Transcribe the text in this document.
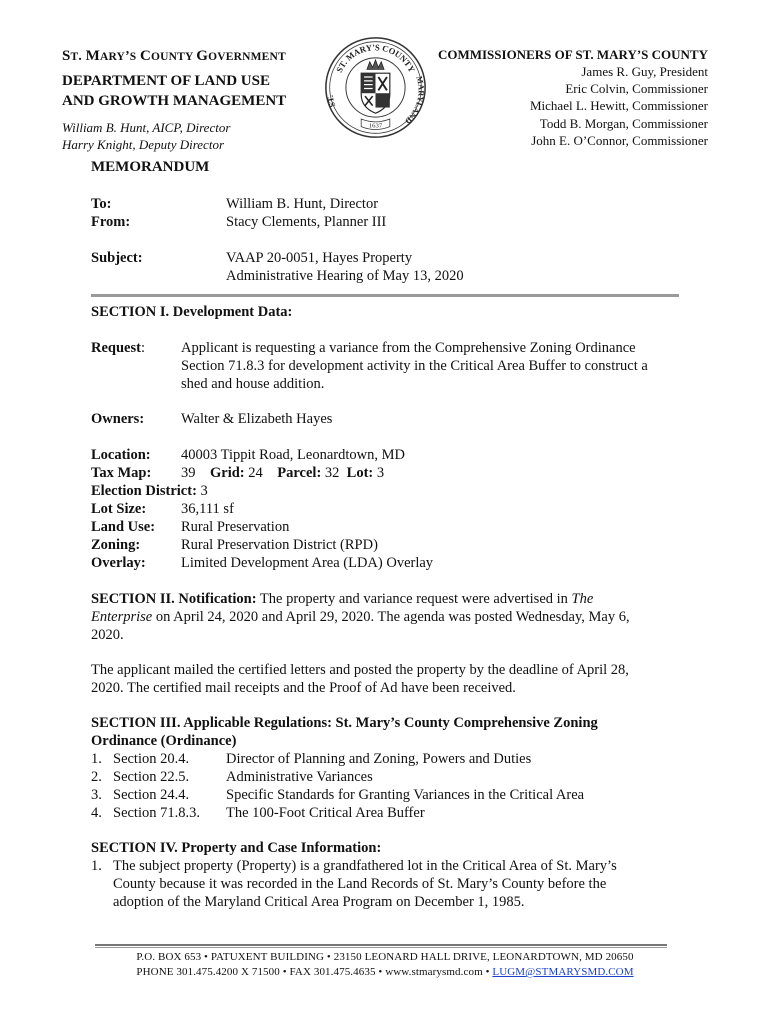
ST. MARY’S COUNTY GOVERNMENT
DEPARTMENT OF LAND USE
AND GROWTH MANAGEMENT
William B. Hunt, AICP, Director
Harry Knight, Deputy Director
ST. MARY'S COUNTY
ST.
MARYLAND
1637
COMMISSIONERS OF ST. MARY’S COUNTY
James R. Guy, President
Eric Colvin, Commissioner
Michael L. Hewitt, Commissioner
Todd B. Morgan, Commissioner
John E. O’Connor, Commissioner
MEMORANDUM
To:	William B. Hunt, Director
From:	Stacy Clements, Planner III
Subject:	VAAP 20-0051, Hayes Property
Administrative Hearing of May 13, 2020
SECTION I. Development Data:
Request: Applicant is requesting a variance from the Comprehensive Zoning Ordinance
Section 71.8.3 for development activity in the Critical Area Buffer to construct a
shed and house addition.
Owners:	Walter & Elizabeth Hayes
Location: 40003 Tippit Road, Leonardtown, MD
Tax Map: 39 Grid: 24 Parcel: 32 Lot: 3
Election District: 3
Lot Size: 36,111 sf
Land Use: Rural Preservation
Zoning:	Rural Preservation District (RPD)
Overlay: Limited Development Area (LDA) Overlay
SECTION II. Notification: The property and variance request were advertised in The
Enterprise on April 24, 2020 and April 29, 2020. The agenda was posted Wednesday, May 6,
2020.
The applicant mailed the certified letters and posted the property by the deadline of April 28,
2020. The certified mail receipts and the Proof of Ad have been received.
SECTION III. Applicable Regulations: St. Mary’s County Comprehensive Zoning
Ordinance (Ordinance)
1. Section 20.4.	Director of Planning and Zoning, Powers and Duties
2. Section 22.5.	Administrative Variances
3. Section 24.4.	Specific Standards for Granting Variances in the Critical Area
4. Section 71.8.3. The 100-Foot Critical Area Buffer
SECTION IV. Property and Case Information:
1. The subject property (Property) is a grandfathered lot in the Critical Area of St. Mary’s
County because it was recorded in the Land Records of St. Mary’s County before the
adoption of the Maryland Critical Area Program on December 1, 1985.
P.O. BOX 653 • PATUXENT BUILDING • 23150 LEONARD HALL DRIVE, LEONARDTOWN, MD 20650
PHONE 301.475.4200 X 71500 • FAX 301.475.4635 • www.stmarysmd.com • LUGM@STMARYSMD.COM
